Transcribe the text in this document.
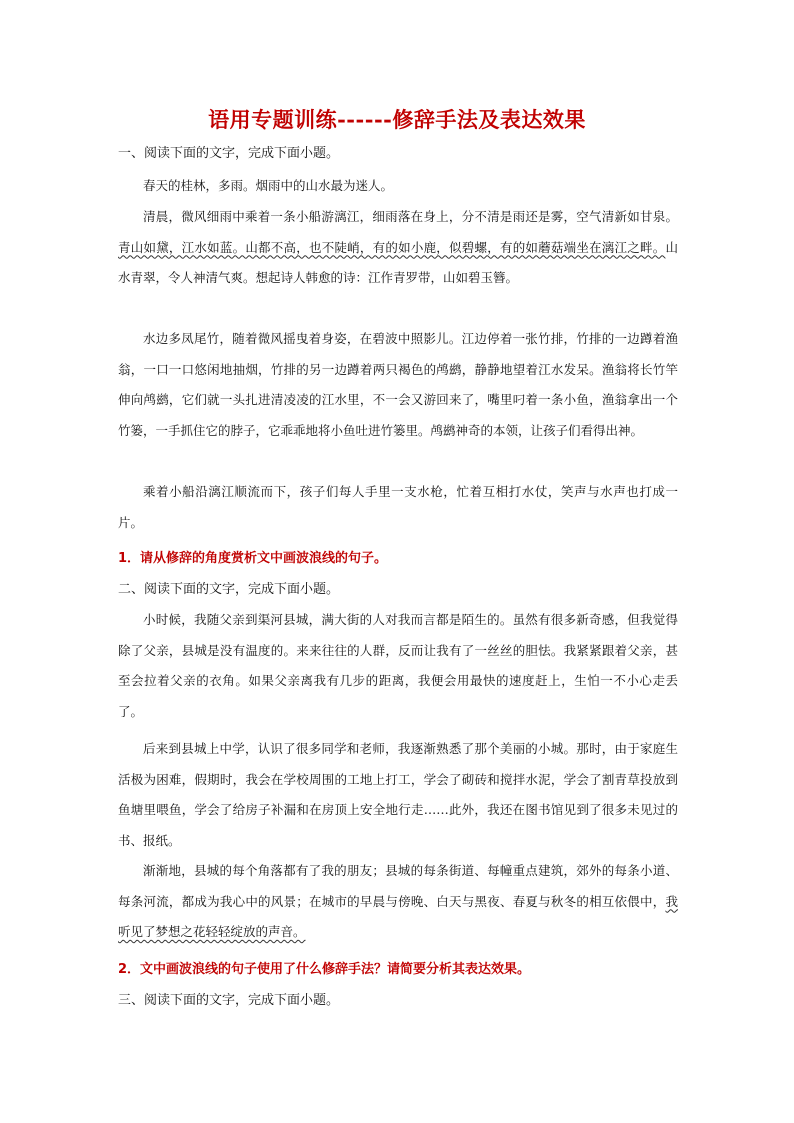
语用专题训练------修辞手法及表达效果
一、阅读下面的文字，完成下面小题。
春天的桂林，多雨。烟雨中的山水最为迷人。
清晨，微风细雨中乘着一条小船游漓江，细雨落在身上，分不清是雨还是雾，空气清新如甘泉。青山如黛，江水如蓝。山都不高，也不陡峭，有的如小鹿，似碧螺，有的如蘑菇端坐在漓江之畔。山水青翠，令人神清气爽。想起诗人韩愈的诗：江作青罗带，山如碧玉簪。
水边多凤尾竹，随着微风摇曳着身姿，在碧波中照影儿。江边停着一张竹排，竹排的一边蹲着渔翁，一口一口悠闲地抽烟，竹排的另一边蹲着两只褐色的鸬鹚，静静地望着江水发呆。渔翁将长竹竿伸向鸬鹚，它们就一头扎进清凌凌的江水里，不一会又游回来了，嘴里叼着一条小鱼，渔翁拿出一个竹篓，一手抓住它的脖子，它乖乖地将小鱼吐进竹篓里。鸬鹚神奇的本领，让孩子们看得出神。
乘着小船沿漓江顺流而下，孩子们每人手里一支水枪，忙着互相打水仗，笑声与水声也打成一片。
1．请从修辞的角度赏析文中画波浪线的句子。
二、阅读下面的文字，完成下面小题。
小时候，我随父亲到渠河县城，满大街的人对我而言都是陌生的。虽然有很多新奇感，但我觉得除了父亲，县城是没有温度的。来来往往的人群，反而让我有了一丝丝的胆怯。我紧紧跟着父亲，甚至会拉着父亲的衣角。如果父亲离我有几步的距离，我便会用最快的速度赶上，生怕一不小心走丢了。
后来到县城上中学，认识了很多同学和老师，我逐渐熟悉了那个美丽的小城。那时，由于家庭生活极为困难，假期时，我会在学校周围的工地上打工，学会了砌砖和搅拌水泥，学会了割青草投放到鱼塘里喂鱼，学会了给房子补漏和在房顶上安全地行走……此外，我还在图书馆见到了很多未见过的书、报纸。
渐渐地，县城的每个角落都有了我的朋友；县城的每条街道、每幢重点建筑，郊外的每条小道、每条河流，都成为我心中的风景；在城市的早晨与傍晚、白天与黑夜、春夏与秋冬的相互依偎中，我听见了梦想之花轻轻绽放的声音。
2．文中画波浪线的句子使用了什么修辞手法？请简要分析其表达效果。
三、阅读下面的文字，完成下面小题。
